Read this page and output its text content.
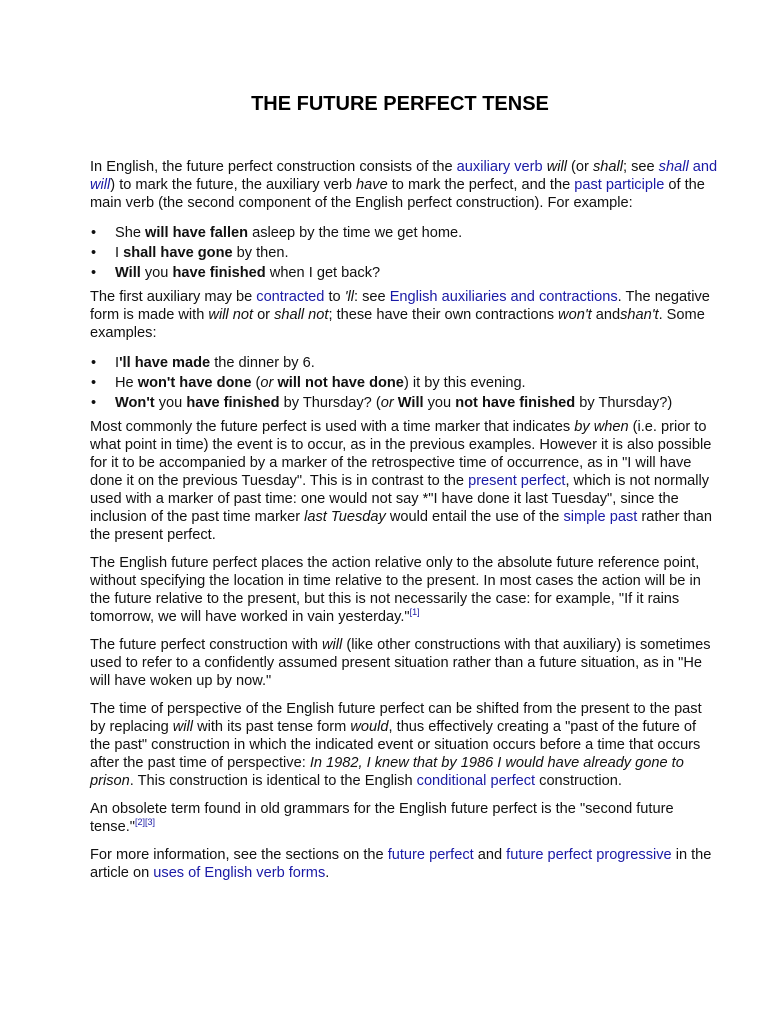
THE FUTURE PERFECT TENSE

In English, the future perfect construction consists of the auxiliary verb will (or shall; see shall and will) to mark the future, the auxiliary verb have to mark the perfect, and the past participle of the main verb (the second component of the English perfect construction). For example:

• She will have fallen asleep by the time we get home.
• I shall have gone by then.
• Will you have finished when I get back?

The first auxiliary may be contracted to 'll: see English auxiliaries and contractions. The negative form is made with will not or shall not; these have their own contractions won't andshan't. Some examples:

• I'll have made the dinner by 6.
• He won't have done (or will not have done) it by this evening.
• Won't you have finished by Thursday? (or Will you not have finished by Thursday?)

Most commonly the future perfect is used with a time marker that indicates by when (i.e. prior to what point in time) the event is to occur, as in the previous examples. However it is also possible for it to be accompanied by a marker of the retrospective time of occurrence, as in "I will have done it on the previous Tuesday". This is in contrast to the present perfect, which is not normally used with a marker of past time: one would not say *"I have done it last Tuesday", since the inclusion of the past time marker last Tuesday would entail the use of the simple past rather than the present perfect.

The English future perfect places the action relative only to the absolute future reference point, without specifying the location in time relative to the present. In most cases the action will be in the future relative to the present, but this is not necessarily the case: for example, "If it rains tomorrow, we will have worked in vain yesterday."[1]

The future perfect construction with will (like other constructions with that auxiliary) is sometimes used to refer to a confidently assumed present situation rather than a future situation, as in "He will have woken up by now."

The time of perspective of the English future perfect can be shifted from the present to the past by replacing will with its past tense form would, thus effectively creating a "past of the future of the past" construction in which the indicated event or situation occurs before a time that occurs after the past time of perspective: In 1982, I knew that by 1986 I would have already gone to prison. This construction is identical to the English conditional perfect construction.

An obsolete term found in old grammars for the English future perfect is the "second future tense."[2][3]

For more information, see the sections on the future perfect and future perfect progressive in the article on uses of English verb forms.
